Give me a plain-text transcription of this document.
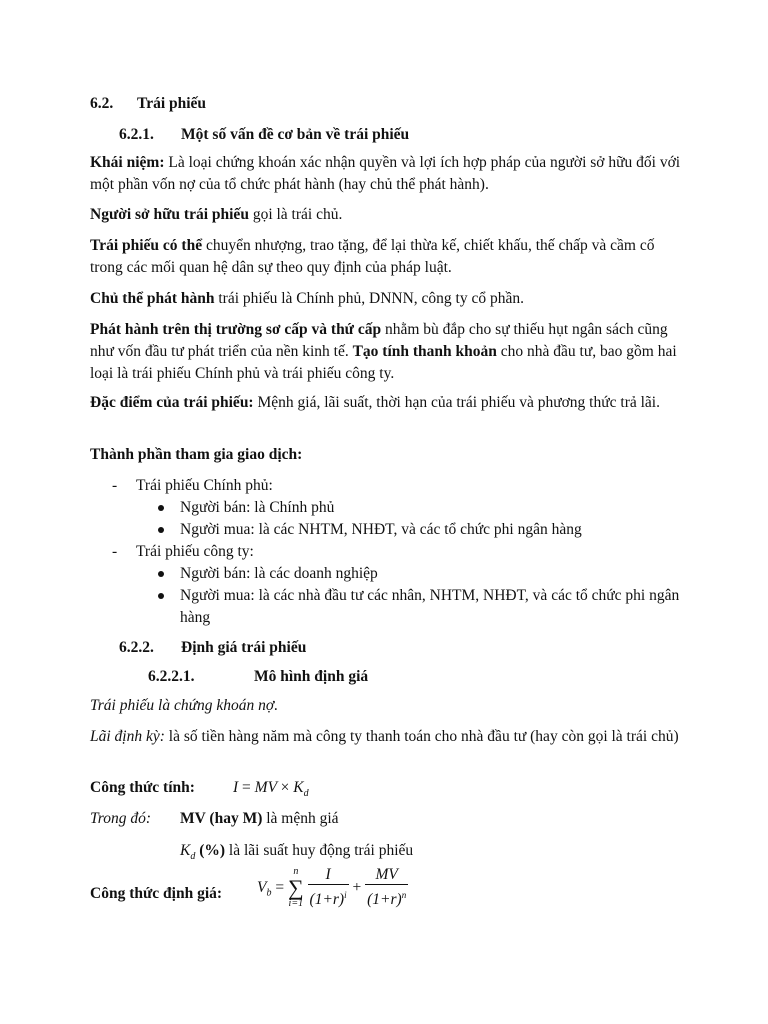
6.2. Trái phiếu
6.2.1. Một số vấn đề cơ bản về trái phiếu

Khái niệm: Là loại chứng khoán xác nhận quyền và lợi ích hợp pháp của người sở hữu đối với một phần vốn nợ của tổ chức phát hành (hay chủ thể phát hành).

Người sở hữu trái phiếu gọi là trái chủ.

Trái phiếu có thể chuyển nhượng, trao tặng, để lại thừa kế, chiết khấu, thế chấp và cầm cố trong các mối quan hệ dân sự theo quy định của pháp luật.

Chủ thể phát hành trái phiếu là Chính phủ, DNNN, công ty cổ phần.

Phát hành trên thị trường sơ cấp và thứ cấp nhằm bù đắp cho sự thiếu hụt ngân sách cũng như vốn đầu tư phát triển của nền kinh tế. Tạo tính thanh khoản cho nhà đầu tư, bao gồm hai loại là trái phiếu Chính phủ và trái phiếu công ty.

Đặc điểm của trái phiếu: Mệnh giá, lãi suất, thời hạn của trái phiếu và phương thức trả lãi.

Thành phần tham gia giao dịch:

- Trái phiếu Chính phủ:
Người bán: là Chính phủ
Người mua: là các NHTM, NHĐT, và các tổ chức phi ngân hàng
- Trái phiếu công ty:
Người bán: là các doanh nghiệp
Người mua: là các nhà đầu tư các nhân, NHTM, NHĐT, và các tổ chức phi ngân hàng
6.2.2. Định giá trái phiếu
6.2.2.1.	Mô hình định giá

Trái phiếu là chứng khoán nợ.

Lãi định kỳ: là số tiền hàng năm mà công ty thanh toán cho nhà đầu tư (hay còn gọi là trái chủ)

Công thức tính: I = MV × $K_d$
Trong đó: MV (hay M) là mệnh giá
$K_d$ (%) là lãi suất huy động trái phiếu
Công thức định giá:	$V_b$ =
n
∑
i=1
$\frac{I}{(1+r)^i} + \frac{MV}{(1+r)^n}$
